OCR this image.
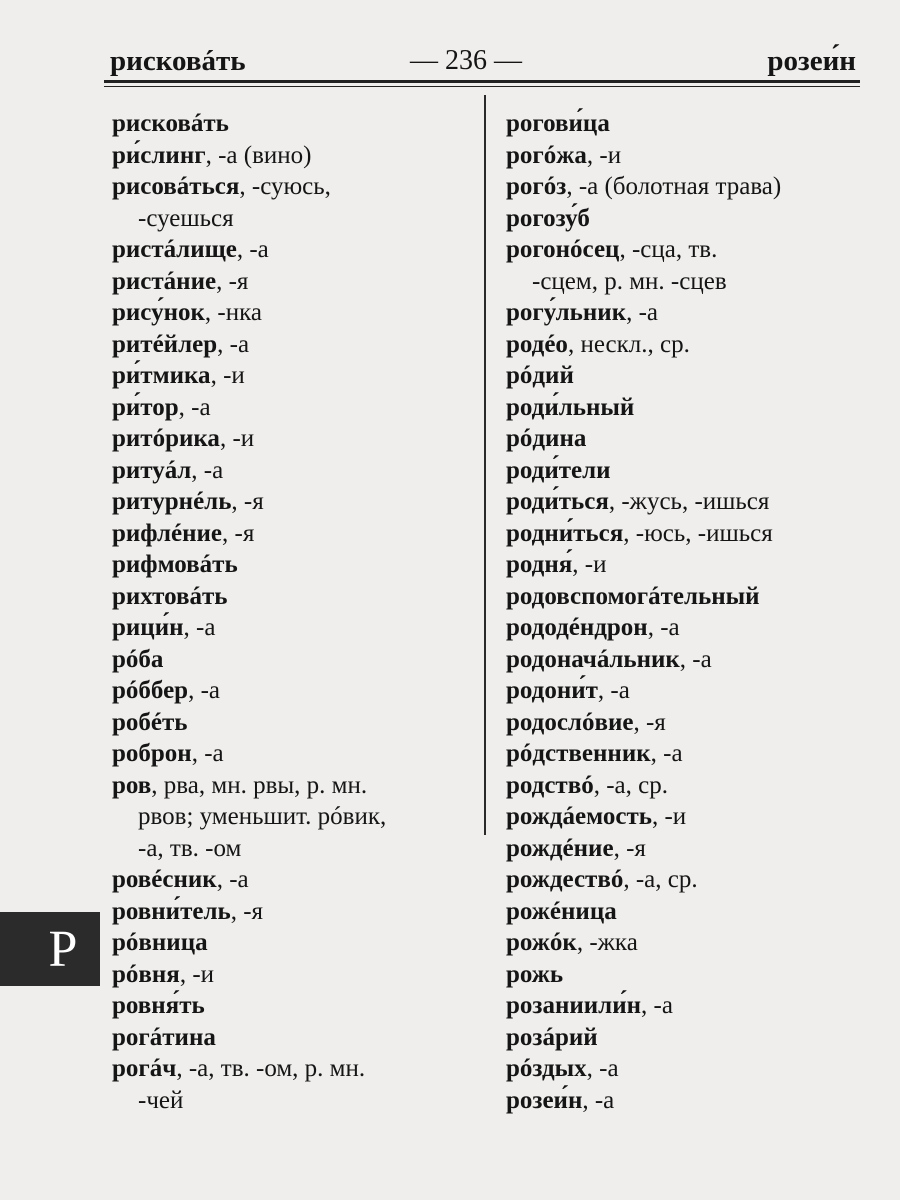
рисковáть	— 236 —	розеи́н
рисковáть
ри́слинг, -а (вино)
рисовáться, -суюсь,
-суешься
ристáлище, -а
ристáние, -я
рису́нок, -нка
ритéйлер, -а
ри́тмика, -и
ри́тор, -а
ритóрика, -и
ритуáл, -а
ритурнéль, -я
рифлéние, -я
рифмовáть
рихтовáть
рици́н, -а
рóба
рóббер, -а
робéть
роброн, -а
ров, рва, мн. рвы, р. мн.
рвов; уменьшит. рóвик,
-а, тв. -ом
ровéсник, -а
ровни́тель, -я
рóвница
рóвня, -и
ровня́ть
рогáтина
рогáч, -а, тв. -ом, р. мн.
-чей
рогови́ца
рогóжа, -и
рогóз, -а (болотная трава)
рогозу́б
рогонóсец, -сца, тв.
-сцем, р. мн. -сцев
рогу́льник, -а
родéо, нескл., ср.
рóдий
роди́льный
рóдина
роди́тели
роди́ться, -жусь, -ишься
родни́ться, -юсь, -ишься
родня́, -и
родовспомогáтельный
рододéндрон, -а
родоначáльник, -а
родони́т, -а
родослóвие, -я
рóдственник, -а
родствó, -а, ср.
рождáемость, -и
рождéние, -я
рождествó, -а, ср.
рожéница
рожóк, -жка
рожь
розаниили́н, -а
розáрий
рóздых, -а
розеи́н, -а
Р
